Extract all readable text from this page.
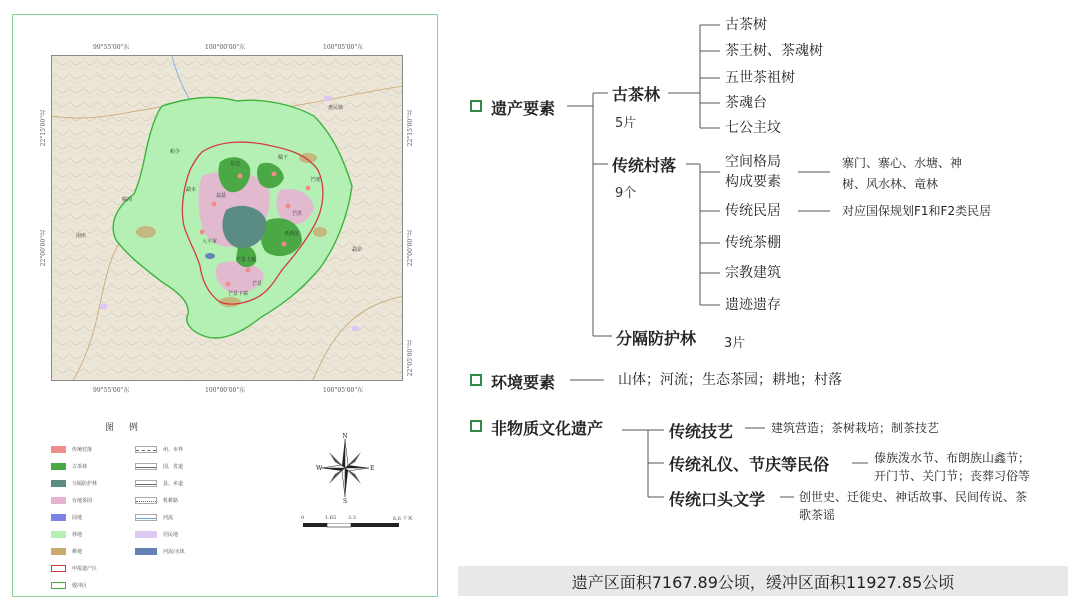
99°55'00"东	100°00'00"东	100°05'00"东
99°55'00"东	100°00'00"东	100°05'00"东
22°15'00"北
22°00'00"北
22°15'00"北
22°00'00"北
22°05'00"北
惠民镇
景迈
芒景
糯干
芒洪
翁基
勐本
老酒房
大平掌
芒埂
芒景上寨
芒景下寨
帕令
糯岗
南座
勐昂
图 例
传统村落
古茶林
分隔防护林
台地茶园
园地
林地
耕地
申报遗产区
缓冲区
州、市界
国、省道
县、乡道
机耕路
河流
居民地
河流/水体
N
S
W	E
0	1.65 3.3	6.6 千米
遗产要素
古茶林
5片
古茶树
茶王树、茶魂树
五世茶祖树
茶魂台
七公主坟
传统村落
9个
空间格局
构成要素
寨门、寨心、水塘、神
树、风水林、竜林
传统民居	对应国保规划F1和F2类民居
传统茶棚
宗教建筑
遗迹遗存
分隔防护林 3片
环境要素	山体；河流；生态茶园；耕地；村落
非物质文化遗产	传统技艺	建筑营造；茶树栽培；制茶技艺
传统礼仪、节庆等民俗	傣族泼水节、布朗族山鑫节；
开门节、关门节；丧葬习俗等
传统口头文学	创世史、迁徙史、神话故事、民间传说、茶
歌茶谣
遗产区面积7167.89公顷，缓冲区面积11927.85公顷
